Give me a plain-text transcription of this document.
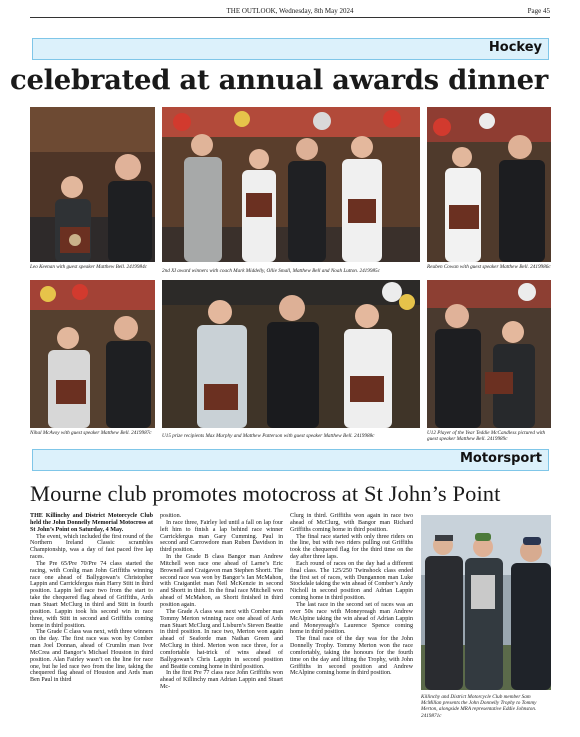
THE OUTLOOK, Wednesday, 8th May 2024	Page 45
Hockey
celebrated at annual awards dinner
Leo Keenan with guest speaker Matthew Bell. 2419984c
2nd XI award winners with coach Mark Middelly, Ollie Small, Matthew Bell and Noah Lutton. 2419985c
Reuben Cowan with guest speaker Matthew Bell. 2419986c
Nihal McAvoy with guest speaker Matthew Bell. 2419987c	U15 prize recipients Max Murphy and Matthew Patterson with guest speaker Matthew Bell. 2419988c	U12 Player of the Year Teddie McCandless pictured with guest speaker Matthew Bell. 2419989c
Motorsport
Mourne club promotes motocross at St John’s Point

THE Killinchy and District Motorcycle Club held the John Donnelly Memorial Motocross at St John’s Point on Saturday, 4 May.

The event, which included the first round of the Northern Ireland Classic scrambles Championship, was a day of fast paced five lap races.

The Pre 65/Pre 70/Pre 74 class started the racing, with Conlig man John Griffiths winning race one ahead of Ballygowan’s Christopher Lappin and Carrickfergus man Harry Stitt in third position. Lappin led race two from the start to take the chequered flag ahead of Griffiths, Ards man Stuart McClurg in third and Stitt in fourth position. Lappin took his second win in race three, with Stitt in second and Griffiths coming home in third position.

The Grade C class was next, with three winners on the day. The first race was won by Comber man Joel Donnan, ahead of Crumlin man Ivor McCrea and Bangor’s Michael Houston in third position. Alan Fairley wasn’t on the line for race one, but he led race two from the line, taking the chequered flag ahead of Houston and Ards man Ben Paul in third

position.

In race three, Fairley led until a fall on lap four left him to finish a lap behind race winner Carrickfergus man Gary Cumming. Paul in second and Carrowdore man Ruben Davidson in third position.

In the Grade B class Bangor man Andrew Mitchell won race one ahead of Larne’s Eric Brownell and Craigavon man Stephen Shortt. The second race was won by Bangor’s Ian McMahon, with Craigantlet man Neil McKenzie in second and Shortt in third. In the final race Mitchell won ahead of McMahon, as Shortt finished in third position again.

The Grade A class was next with Comber man Tommy Merton winning race one ahead of Ards man Stuart McClurg and Lisburn’s Steven Beattie in third position. In race two, Merton won again ahead of Seaforde man Nathan Green and McClurg in third. Merton won race three, for a comfortable hat-trick of wins ahead of Ballygowan’s Chris Lappin in second position and Beattie coming home in third position.

In the first Pre 77 class race John Griffiths won ahead of Killinchy man Adrian Lappin and Stuart Mc-

Clurg in third. Griffiths won again in race two ahead of McClurg, with Bangor man Richard Griffiths coming home in third position.

The final race started with only three riders on the line, but with two riders pulling out Griffiths took the chequered flag for the third time on the day after three laps.

Each round of races on the day had a different final class. The 125/250 Twinshock class ended the first set of races, with Dungannon man Luke Stockdale taking the win ahead of Comber’s Andy Nicholl in second position and Adrian Lappin coming home in third position.

The last race in the second set of races was an over 50s race with Moneyreagh man Andrew McAlpine taking the win ahead of Adrian Lappin and Moneyreagh’s Laurence Spence coming home in third position.

The final race of the day was for the John Donnelly Trophy. Tommy Merton won the race comfortably, taking the honours for the fourth time on the day and lifting the Trophy, with John Griffiths in second position and Andrew McAlpine coming home in third position.

Killinchy and District Motorcycle Club member Sam McMillan presents the John Donnelly Trophy to Tommy Merton, alongside MRA representative Eddie Johnston. 2419871c
